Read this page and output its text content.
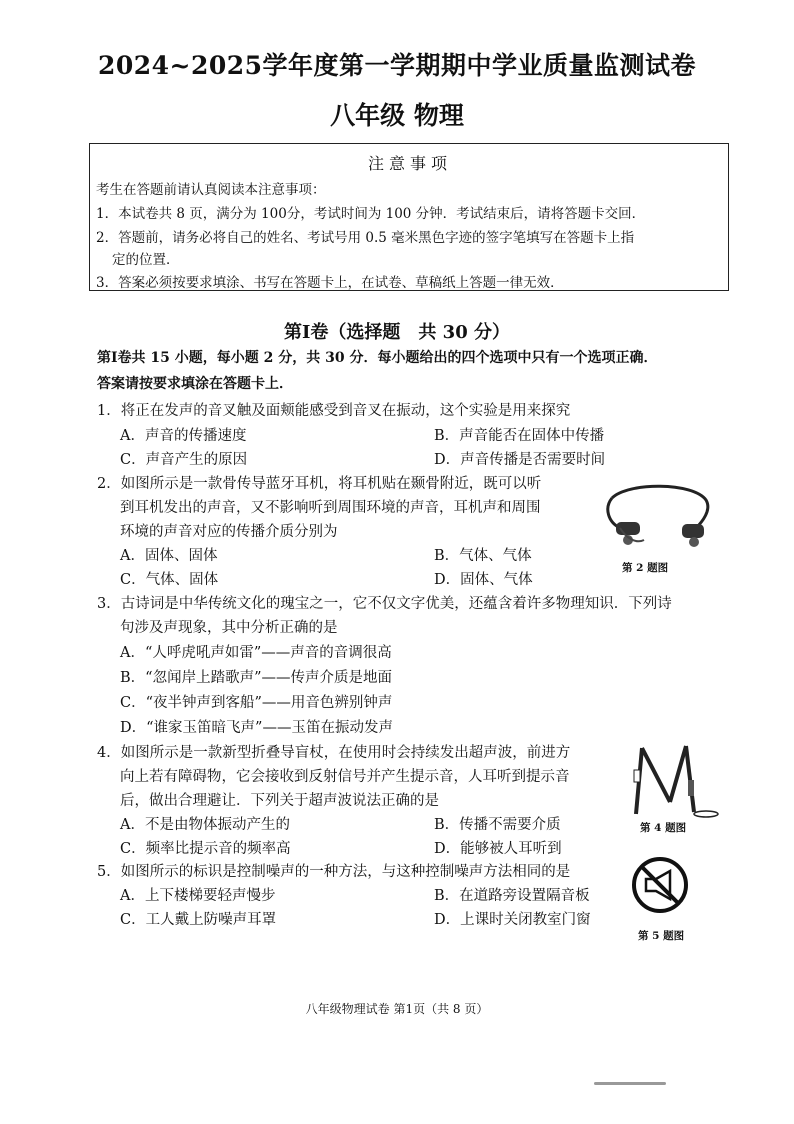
2024~2025学年度第一学期期中学业质量监测试卷
八年级 物理
注意事项
考生在答题前请认真阅读本注意事项：
1．本试卷共 8 页，满分为 100分，考试时间为 100 分钟．考试结束后，请将答题卡交回．
2．答题前，请务必将自己的姓名、考试号用 0.5 毫米黑色字迹的签字笔填写在答题卡上指
定的位置．
3．答案必须按要求填涂、书写在答题卡上，在试卷、草稿纸上答题一律无效．
第Ⅰ卷（选择题　共 30 分）
第Ⅰ卷共 15 小题，每小题 2 分，共 30 分．每小题给出的四个选项中只有一个选项正确．
答案请按要求填涂在答题卡上．
1．将正在发声的音叉触及面颊能感受到音叉在振动，这个实验是用来探究
A．声音的传播速度	B．声音能否在固体中传播
C．声音产生的原因	D．声音传播是否需要时间
2．如图所示是一款骨传导蓝牙耳机，将耳机贴在颞骨附近，既可以听
到耳机发出的声音，又不影响听到周围环境的声音，耳机声和周围
环境的声音对应的传播介质分别为
A．固体、固体	B．气体、气体
C．气体、固体	D．固体、气体
第 2 题图
3．古诗词是中华传统文化的瑰宝之一，它不仅文字优美，还蕴含着许多物理知识．下列诗
句涉及声现象，其中分析正确的是
A．“人呼虎吼声如雷”——声音的音调很高
B．“忽闻岸上踏歌声”——传声介质是地面
C．“夜半钟声到客船”——用音色辨别钟声
D．“谁家玉笛暗飞声”——玉笛在振动发声
4．如图所示是一款新型折叠导盲杖，在使用时会持续发出超声波，前进方
向上若有障碍物，它会接收到反射信号并产生提示音，人耳听到提示音
后，做出合理避让．下列关于超声波说法正确的是
A．不是由物体振动产生的	B．传播不需要介质
C．频率比提示音的频率高	D．能够被人耳听到
第 4 题图
5．如图所示的标识是控制噪声的一种方法，与这种控制噪声方法相同的是
A．上下楼梯要轻声慢步	B．在道路旁设置隔音板
C．工人戴上防噪声耳罩	D．上课时关闭教室门窗
第 5 题图
八年级物理试卷 第1页（共 8 页）
